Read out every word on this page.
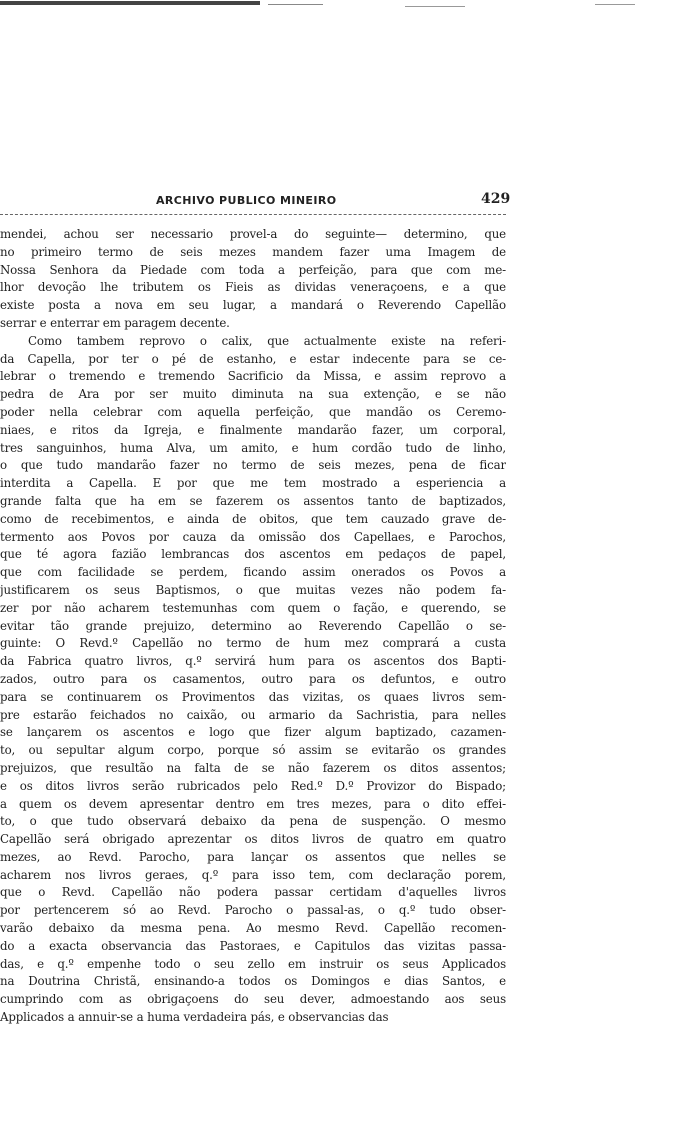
ARCHIVO PUBLICO MINEIRO	429
mendei, achou ser necessario provel-a do seguinte— determino, que
no primeiro termo de seis mezes mandem fazer uma Imagem de
Nossa Senhora da Piedade com toda a perfeição, para que com me-
lhor devoção lhe tributem os Fieis as dividas veneraçoens, e a que
existe posta a nova em seu lugar, a mandará o Reverendo Capellão
serrar e enterrar em paragem decente.
Como tambem reprovo o calix, que actualmente existe na referi-
da Capella, por ter o pé de estanho, e estar indecente para se ce-
lebrar o tremendo e tremendo Sacrificio da Missa, e assim reprovo a
pedra de Ara por ser muito diminuta na sua extenção, e se não
poder nella celebrar com aquella perfeição, que mandão os Ceremo-
niaes, e ritos da Igreja, e finalmente mandarão fazer, um corporal,
tres sanguinhos, huma Alva, um amito, e hum cordão tudo de linho,
o que tudo mandarão fazer no termo de seis mezes, pena de ficar
interdita a Capella. E por que me tem mostrado a esperiencia a
grande falta que ha em se fazerem os assentos tanto de baptizados,
como de recebimentos, e ainda de obitos, que tem cauzado grave de-
termento aos Povos por cauza da omissão dos Capellaes, e Parochos,
que té agora fazião lembrancas dos ascentos em pedaços de papel,
que com facilidade se perdem, ficando assim onerados os Povos a
justificarem os seus Baptismos, o que muitas vezes não podem fa-
zer por não acharem testemunhas com quem o fação, e querendo, se
evitar tão grande prejuizo, determino ao Reverendo Capellão o se-
guinte: O Revd.º Capellão no termo de hum mez comprará a custa
da Fabrica quatro livros, q.º servirá hum para os ascentos dos Bapti-
zados, outro para os casamentos, outro para os defuntos, e outro
para se continuarem os Provimentos das vizitas, os quaes livros sem-
pre estarão feichados no caixão, ou armario da Sachristia, para nelles
se lançarem os ascentos e logo que fizer algum baptizado, cazamen-
to, ou sepultar algum corpo, porque só assim se evitarão os grandes
prejuizos, que resultão na falta de se não fazerem os ditos assentos;
e os ditos livros serão rubricados pelo Red.º D.º Provizor do Bispado;
a quem os devem apresentar dentro em tres mezes, para o dito effei-
to, o que tudo observará debaixo da pena de suspenção. O mesmo
Capellão será obrigado aprezentar os ditos livros de quatro em quatro
mezes, ao Revd. Parocho, para lançar os assentos que nelles se
acharem nos livros geraes, q.º para isso tem, com declaração porem,
que o Revd. Capellão não podera passar certidam d'aquelles livros
por pertencerem só ao Revd. Parocho o passal-as, o q.º tudo obser-
varão debaixo da mesma pena. Ao mesmo Revd. Capellão recomen-
do a exacta observancia das Pastoraes, e Capitulos das vizitas passa-
das, e q.º empenhe todo o seu zello em instruir os seus Applicados
na Doutrina Christã, ensinando-a todos os Domingos e dias Santos, e
cumprindo com as obrigaçoens do seu dever, admoestando aos seus
Applicados a annuir-se a huma verdadeira pás, e observancias das
